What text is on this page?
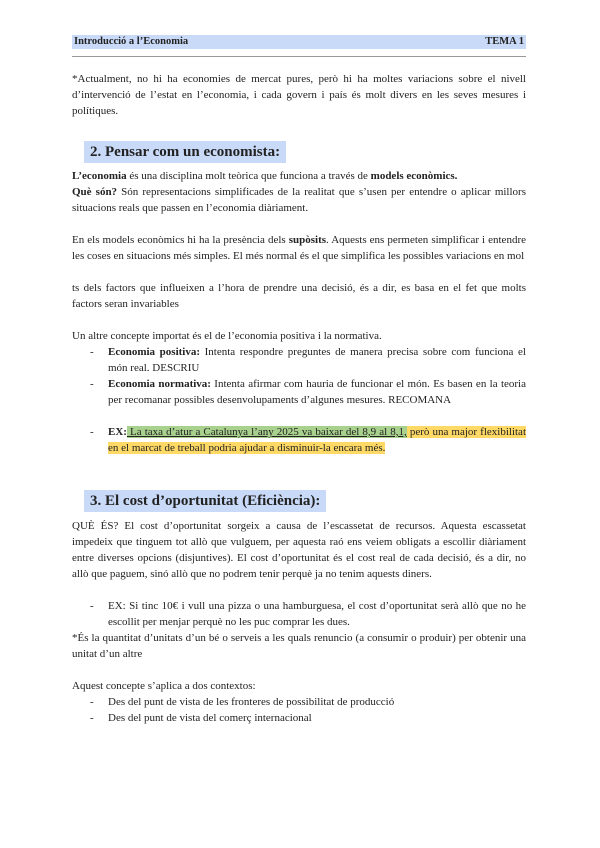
Introducció a l’Economia	TEMA 1
*Actualment, no hi ha economies de mercat pures, però hi ha moltes variacions sobre el nivell d’intervenció de l’estat en l’economia, i cada govern i país és molt divers en les seves mesures i polítiques.
2. Pensar com un economista:
L’economia és una disciplina molt teòrica que funciona a través de models econòmics.
Què són? Són representacions simplificades de la realitat que s’usen per entendre o aplicar millors situacions reals que passen en l’economia diàriament.
En els models econòmics hi ha la presència dels supòsits. Aquests ens permeten simplificar i entendre les coses en situacions més simples. El més normal és el que simplifica les possibles variacions en mol
ts dels factors que influeixen a l’hora de prendre una decisió, és a dir, es basa en el fet que molts factors seran invariables
Un altre concepte importat és el de l’economia positiva i la normativa.
- Economia positiva: Intenta respondre preguntes de manera precisa sobre com funciona el món real. DESCRIU
- Economia normativa: Intenta afirmar com hauria de funcionar el món. Es basen en la teoria per recomanar possibles desenvolupaments d’algunes mesures. RECOMANA
- EX: La taxa d’atur a Catalunya l’any 2025 va baixar del 8,9 al 8,1, però una major flexibilitat en el marcat de treball podria ajudar a disminuir-la encara més.
3. El cost d’oportunitat (Eficiència):
QUÈ ÉS? El cost d’oportunitat sorgeix a causa de l’escassetat de recursos. Aquesta escassetat impedeix que tinguem tot allò que vulguem, per aquesta raó ens veiem obligats a escollir diàriament entre diverses opcions (disjuntives). El cost d’oportunitat és el cost real de cada decisió, és a dir, no allò que paguem, sinó allò que no podrem tenir perquè ja no tenim aquests diners.
- EX: Si tinc 10€ i vull una pizza o una hamburguesa, el cost d’oportunitat serà allò que no he escollit per menjar perquè no les puc comprar les dues.
*És la quantitat d’unitats d’un bé o serveis a les quals renuncio (a consumir o produir) per obtenir una unitat d’un altre
Aquest concepte s’aplica a dos contextos:
- Des del punt de vista de les fronteres de possibilitat de producció
- Des del punt de vista del comerç internacional
